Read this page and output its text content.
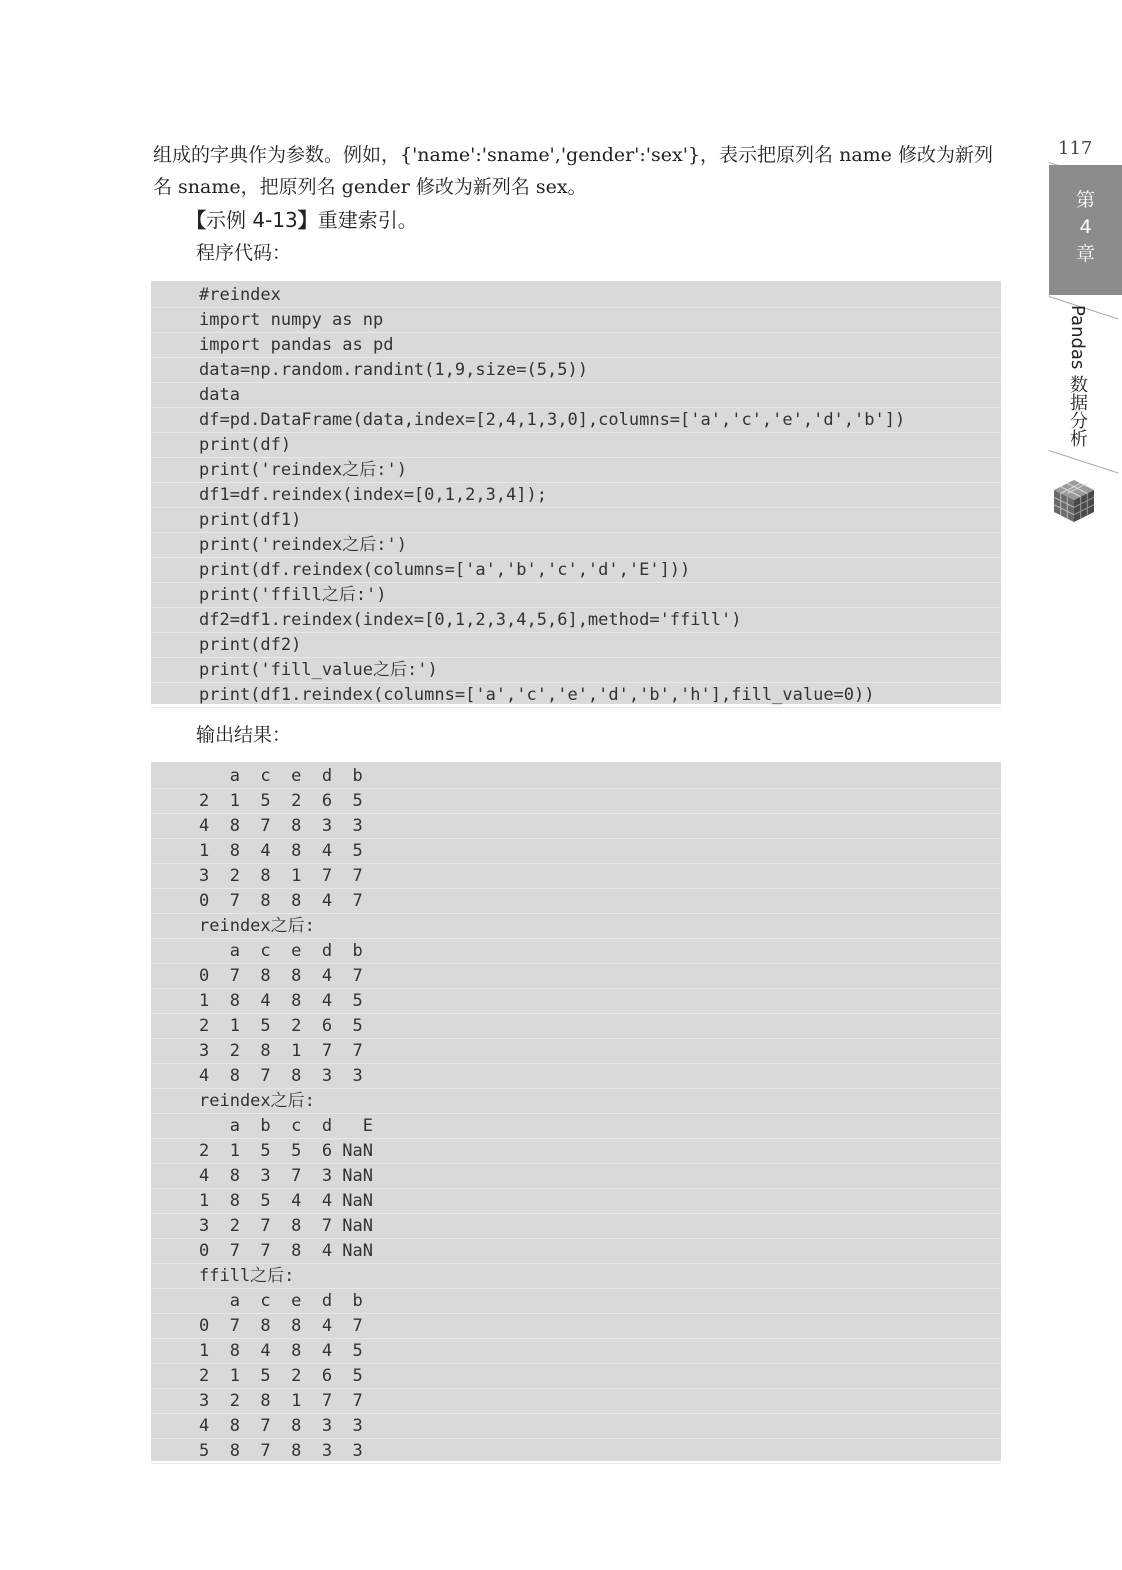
117
第
4
章
Pandas 数据分析

组成的字典作为参数。例如，{'name':'sname','gender':'sex'}，表示把原列名 name 修改为新列名 sname，把原列名 gender 修改为新列名 sex。

【示例 4-13】重建索引。
程序代码：
#reindex
import numpy as np
import pandas as pd
data=np.random.randint(1,9,size=(5,5))
data
df=pd.DataFrame(data,index=[2,4,1,3,0],columns=['a','c','e','d','b'])
print(df)
print('reindex之后:')
df1=df.reindex(index=[0,1,2,3,4]);
print(df1)
print('reindex之后:')
print(df.reindex(columns=['a','b','c','d','E']))
print('ffill之后:')
df2=df1.reindex(index=[0,1,2,3,4,5,6],method='ffill')
print(df2)
print('fill_value之后:')
print(df1.reindex(columns=['a','c','e','d','b','h'],fill_value=0))
输出结果：
a  c  e  d  b
2  1  5  2  6  5
4  8  7  8  3  3
1  8  4  8  4  5
3  2  8  1  7  7
0  7  8  8  4  7
reindex之后:
a  c  e  d  b
0  7  8  8  4  7
1  8  4  8  4  5
2  1  5  2  6  5
3  2  8  1  7  7
4  8  7  8  3  3
reindex之后:
a  b  c  d   E
2  1  5  5  6 NaN
4  8  3  7  3 NaN
1  8  5  4  4 NaN
3  2  7  8  7 NaN
0  7  7  8  4 NaN
ffill之后:
a  c  e  d  b
0  7  8  8  4  7
1  8  4  8  4  5
2  1  5  2  6  5
3  2  8  1  7  7
4  8  7  8  3  3
5  8  7  8  3  3
